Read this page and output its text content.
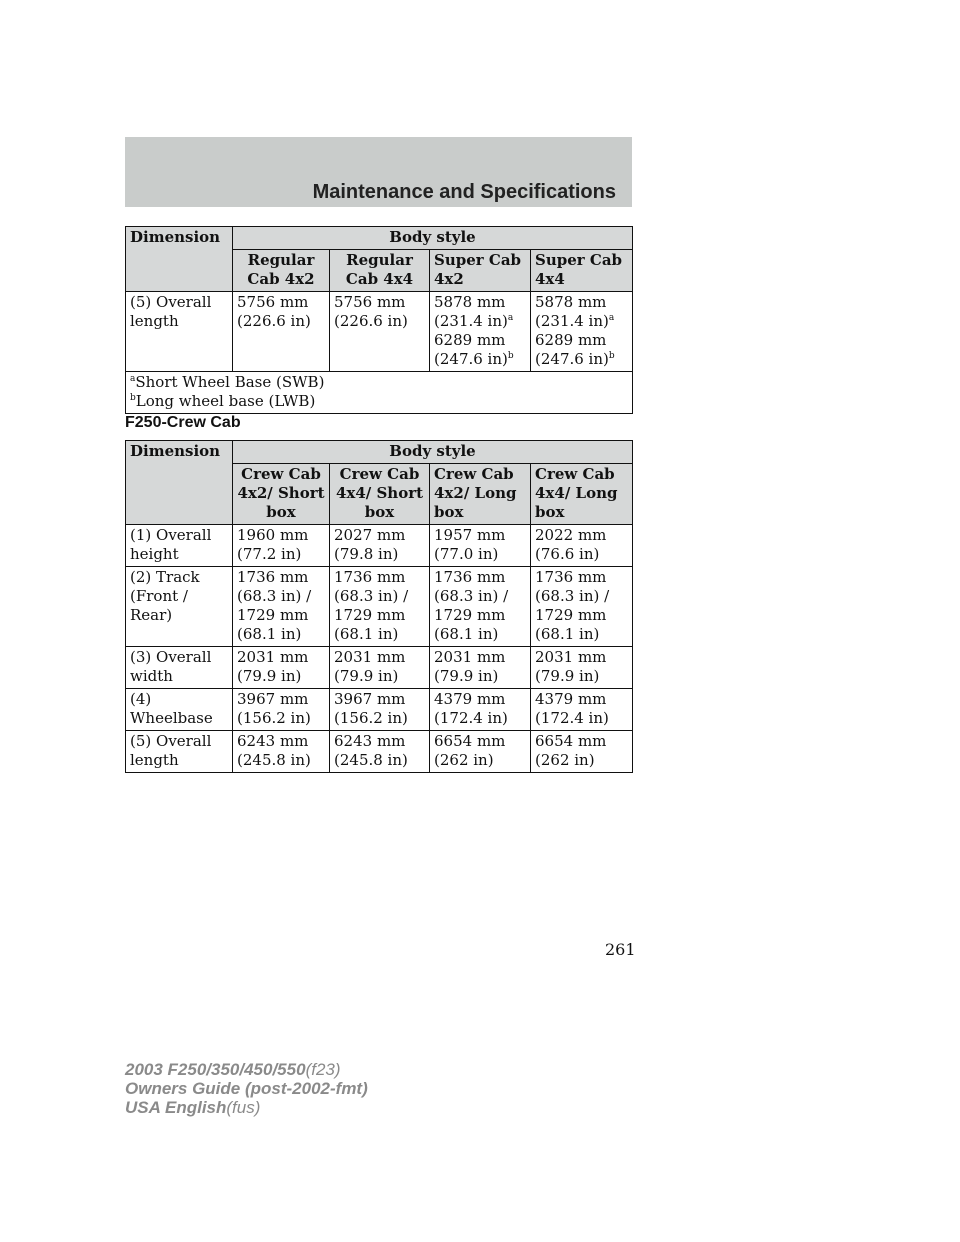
Maintenance and Specifications
Dimension	Body style			

	Regular
Cab 4x2	Regular
Cab 4x4	Super Cab
4x2	Super Cab
4x4

(5) Overall
length	5756 mm
(226.6 in)	5756 mm
(226.6 in)	5878 mm
(231.4 in)$^a$
6289 mm
(247.6 in)$^b$	5878 mm
(231.4 in)$^a$
6289 mm
(247.6 in)$^b$

$^a$Short Wheel Base (SWB)
$^b$Long wheel base (LWB)				
F250-Crew Cab
Dimension	Body style			

	Crew Cab
4x2/ Short
box	Crew Cab
4x4/ Short
box	Crew Cab
4x2/ Long
box	Crew Cab
4x4/ Long
box

(1) Overall
height	1960 mm
(77.2 in)	2027 mm
(79.8 in)	1957 mm
(77.0 in)	2022 mm
(76.6 in)

(2) Track
(Front /
Rear)	1736 mm
(68.3 in) /
1729 mm
(68.1 in)	1736 mm
(68.3 in) /
1729 mm
(68.1 in)	1736 mm
(68.3 in) /
1729 mm
(68.1 in)	1736 mm
(68.3 in) /
1729 mm
(68.1 in)

(3) Overall
width	2031 mm
(79.9 in)	2031 mm
(79.9 in)	2031 mm
(79.9 in)	2031 mm
(79.9 in)

(4)
Wheelbase	3967 mm
(156.2 in)	3967 mm
(156.2 in)	4379 mm
(172.4 in)	4379 mm
(172.4 in)

(5) Overall
length	6243 mm
(245.8 in)	6243 mm
(245.8 in)	6654 mm
(262 in)	6654 mm
(262 in)
261
2003 F250/350/450/550(f23)
Owners Guide (post-2002-fmt)
USA English(fus)
